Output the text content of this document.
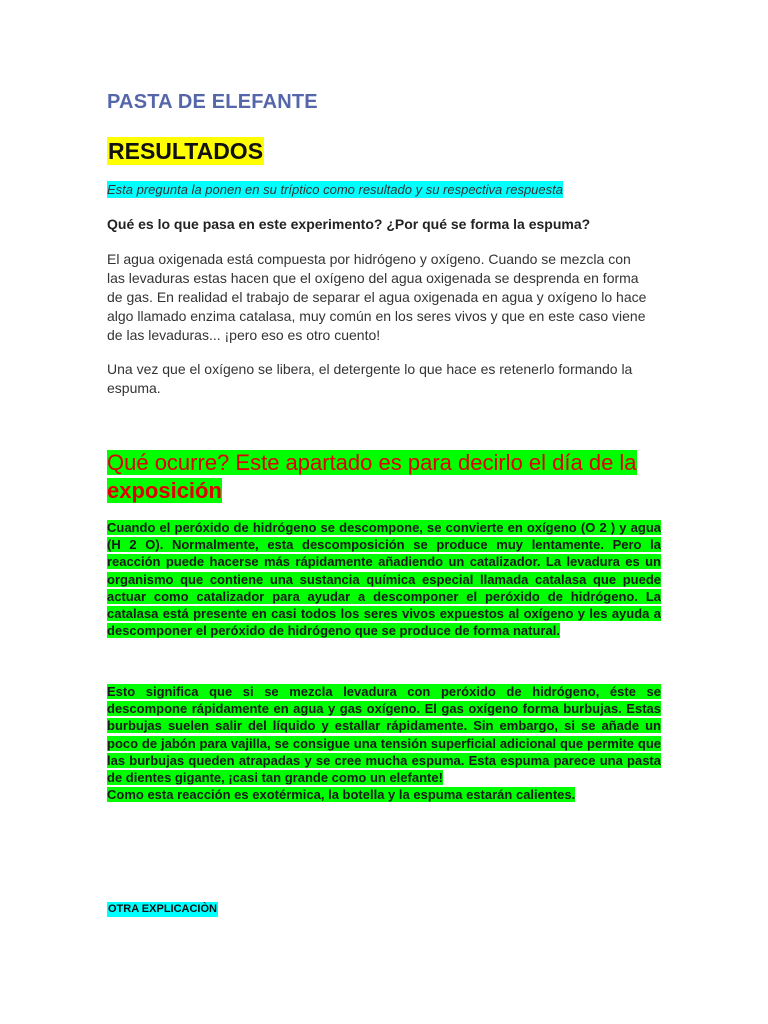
PASTA DE ELEFANTE
RESULTADOS
Esta pregunta la ponen en su tríptico como resultado y su respectiva respuesta
Qué es lo que pasa en este experimento? ¿Por qué se forma la espuma?

El agua oxigenada está compuesta por hidrógeno y oxígeno. Cuando se mezcla con las levaduras estas hacen que el oxígeno del agua oxigenada se desprenda en forma de gas. En realidad el trabajo de separar el agua oxigenada en agua y oxígeno lo hace algo llamado enzima catalasa, muy común en los seres vivos y que en este caso viene de las levaduras... ¡pero eso es otro cuento!

Una vez que el oxígeno se libera, el detergente lo que hace es retenerlo formando la espuma.

Qué ocurre? Este apartado es para decirlo el día de la
exposición

Cuando el peróxido de hidrógeno se descompone, se convierte en oxígeno (O 2 ) y agua (H 2 O). Normalmente, esta descomposición se produce muy lentamente. Pero la reacción puede hacerse más rápidamente añadiendo un catalizador. La levadura es un organismo que contiene una sustancia química especial llamada catalasa que puede actuar como catalizador para ayudar a descomponer el peróxido de hidrógeno. La catalasa está presente en casi todos los seres vivos expuestos al oxígeno y les ayuda a descomponer el peróxido de hidrógeno que se produce de forma natural.

Esto significa que si se mezcla levadura con peróxido de hidrógeno, éste se descompone rápidamente en agua y gas oxígeno. El gas oxígeno forma burbujas. Estas burbujas suelen salir del líquido y estallar rápidamente. Sin embargo, si se añade un poco de jabón para vajilla, se consigue una tensión superficial adicional que permite que las burbujas queden atrapadas y se cree mucha espuma. Esta espuma parece una pasta de dientes gigante, ¡casi tan grande como un elefante!
Como esta reacción es exotérmica, la botella y la espuma estarán calientes.

OTRA EXPLICACIÒN
